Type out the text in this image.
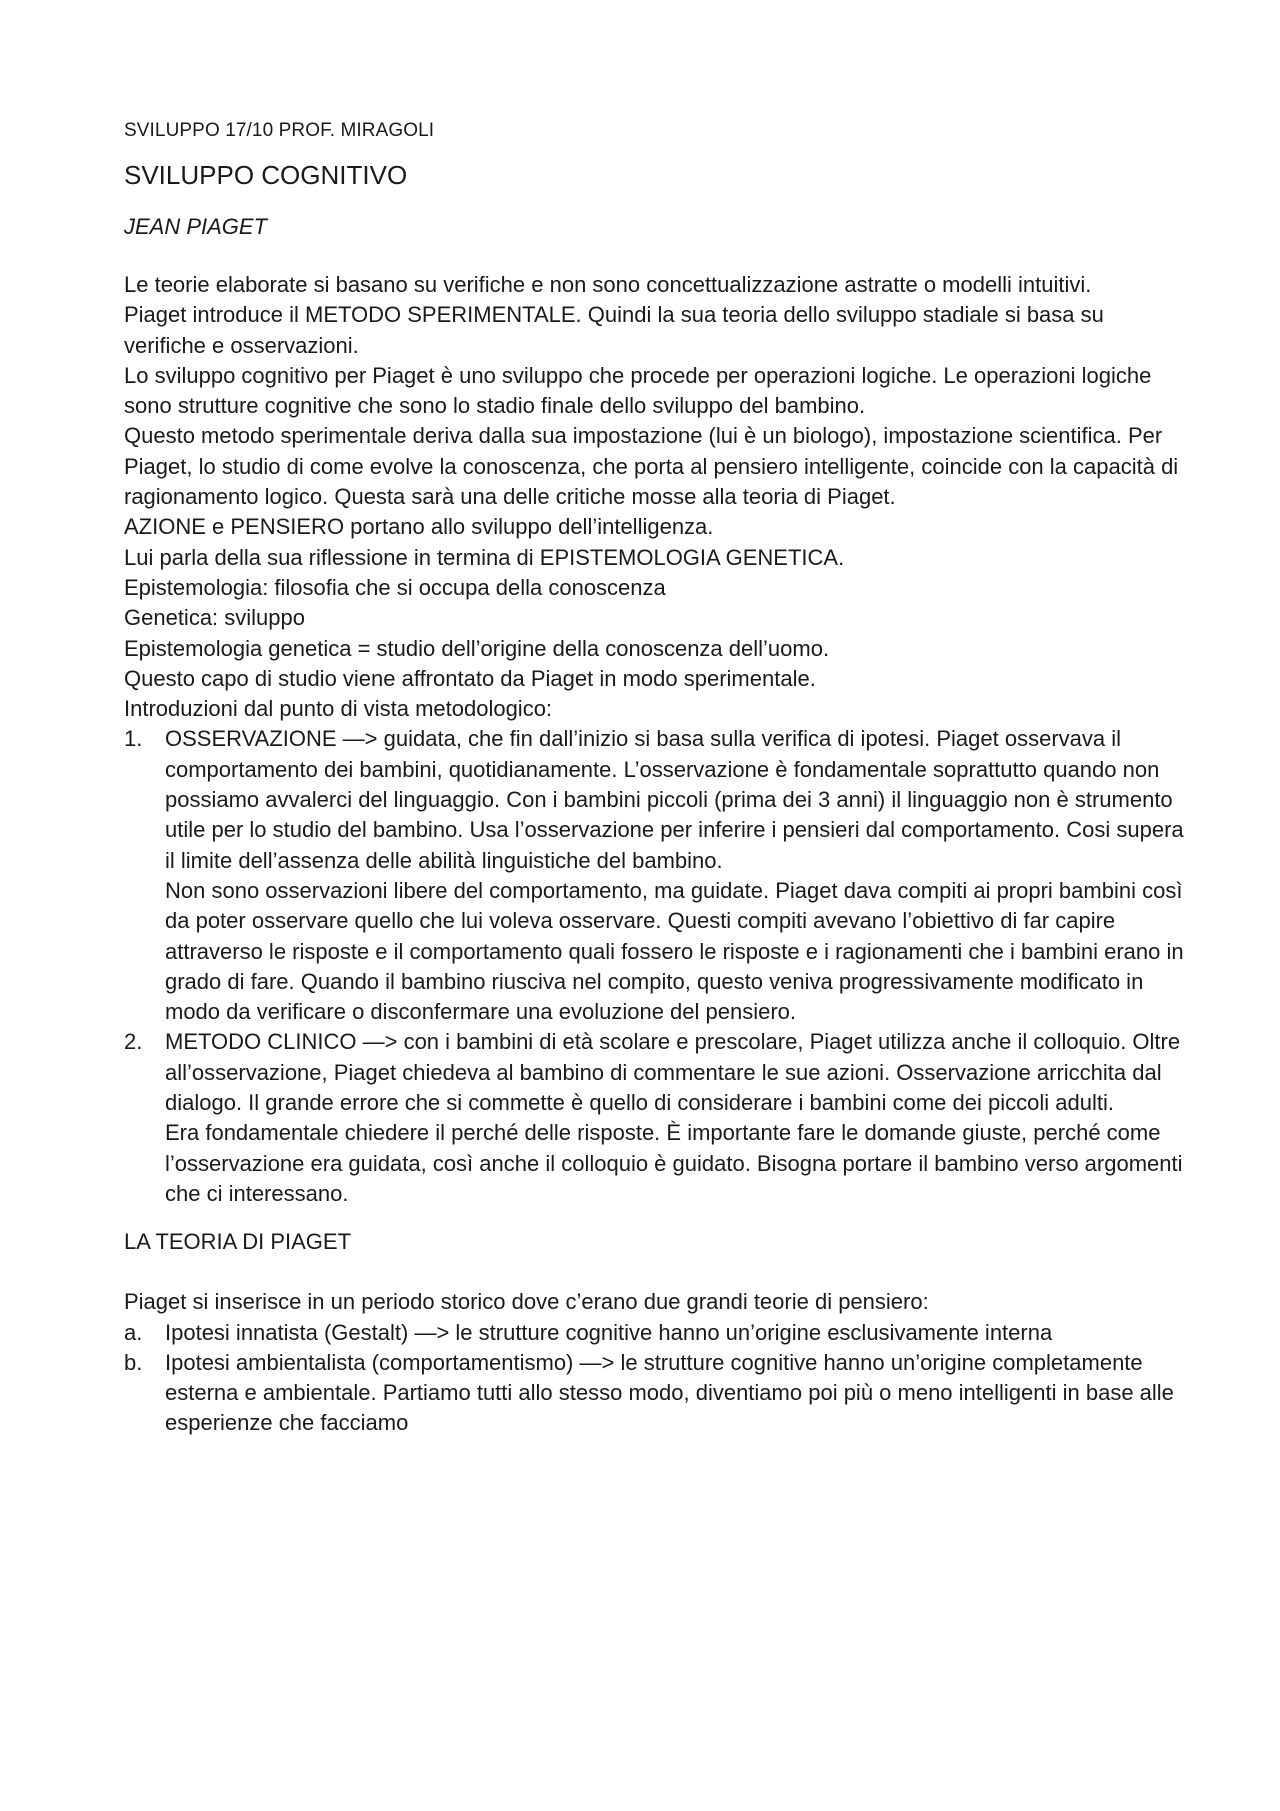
SVILUPPO 17/10 PROF. MIRAGOLI
SVILUPPO COGNITIVO
JEAN PIAGET

Le teorie elaborate si basano su verifiche e non sono concettualizzazione astratte o modelli intuitivi.

Piaget introduce il METODO SPERIMENTALE. Quindi la sua teoria dello sviluppo stadiale si basa su verifiche e osservazioni.

Lo sviluppo cognitivo per Piaget è uno sviluppo che procede per operazioni logiche. Le operazioni logiche sono strutture cognitive che sono lo stadio finale dello sviluppo del bambino.

Questo metodo sperimentale deriva dalla sua impostazione (lui è un biologo), impostazione scientifica. Per Piaget, lo studio di come evolve la conoscenza, che porta al pensiero intelligente, coincide con la capacità di ragionamento logico. Questa sarà una delle critiche mosse alla teoria di Piaget.

AZIONE e PENSIERO portano allo sviluppo dell’intelligenza.

Lui parla della sua riflessione in termina di EPISTEMOLOGIA GENETICA.

Epistemologia: filosofia che si occupa della conoscenza

Genetica: sviluppo

Epistemologia genetica = studio dell’origine della conoscenza dell’uomo.

Questo capo di studio viene affrontato da Piaget in modo sperimentale.

Introduzioni dal punto di vista metodologico:

1. OSSERVAZIONE —> guidata, che fin dall’inizio si basa sulla verifica di ipotesi. Piaget osservava il comportamento dei bambini, quotidianamente. L’osservazione è fondamentale soprattutto quando non possiamo avvalerci del linguaggio. Con i bambini piccoli (prima dei 3 anni) il linguaggio non è strumento utile per lo studio del bambino. Usa l’osservazione per inferire i pensieri dal comportamento. Cosi supera il limite dell’assenza delle abilità linguistiche del bambino.

Non sono osservazioni libere del comportamento, ma guidate. Piaget dava compiti ai propri bambini così da poter osservare quello che lui voleva osservare. Questi compiti avevano l’obiettivo di far capire attraverso le risposte e il comportamento quali fossero le risposte e i ragionamenti che i bambini erano in grado di fare. Quando il bambino riusciva nel compito, questo veniva progressivamente modificato in modo da verificare o disconfermare una evoluzione del pensiero.

2. METODO CLINICO —> con i bambini di età scolare e prescolare, Piaget utilizza anche il colloquio. Oltre all’osservazione, Piaget chiedeva al bambino di commentare le sue azioni. Osservazione arricchita dal dialogo. Il grande errore che si commette è quello di considerare i bambini come dei piccoli adulti.

Era fondamentale chiedere il perché delle risposte. È importante fare le domande giuste, perché come l’osservazione era guidata, così anche il colloquio è guidato. Bisogna portare il bambino verso argomenti che ci interessano.

LA TEORIA DI PIAGET

Piaget si inserisce in un periodo storico dove c’erano due grandi teorie di pensiero:

a. Ipotesi innatista (Gestalt) —> le strutture cognitive hanno un’origine esclusivamente interna

b. Ipotesi ambientalista (comportamentismo) —> le strutture cognitive hanno un’origine completamente esterna e ambientale. Partiamo tutti allo stesso modo, diventiamo poi più o meno intelligenti in base alle esperienze che facciamo
